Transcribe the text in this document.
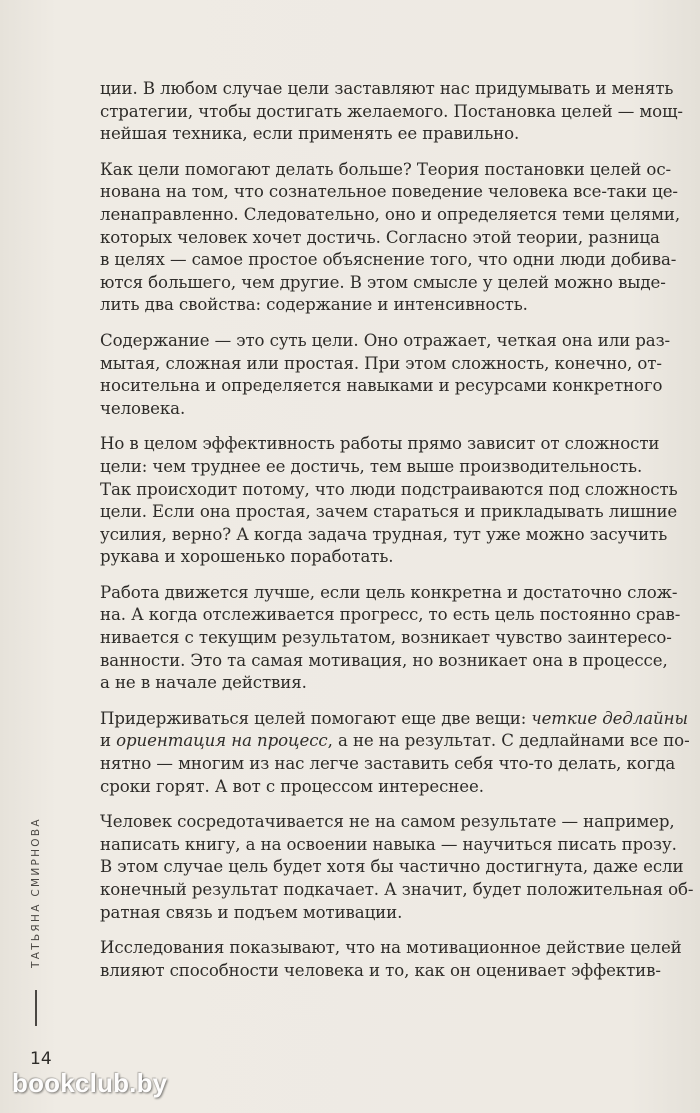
ции. В любом случае цели заставляют нас придумывать и менять
стратегии, чтобы достигать желаемого. Постановка целей — мощ-
нейшая техника, если применять ее правильно.
Как цели помогают делать больше? Теория постановки целей ос-
нована на том, что сознательное поведение человека все-таки це-
ленаправленно. Следовательно, оно и определяется теми целями,
которых человек хочет достичь. Согласно этой теории, разница
в целях — самое простое объяснение того, что одни люди добива-
ются большего, чем другие. В этом смысле у целей можно выде-
лить два свойства: содержание и интенсивность.
Содержание — это суть цели. Оно отражает, четкая она или раз-
мытая, сложная или простая. При этом сложность, конечно, от-
носительна и определяется навыками и ресурсами конкретного
человека.
Но в целом эффективность работы прямо зависит от сложности
цели: чем труднее ее достичь, тем выше производительность.
Так происходит потому, что люди подстраиваются под сложность
цели. Если она простая, зачем стараться и прикладывать лишние
усилия, верно? А когда задача трудная, тут уже можно засучить
рукава и хорошенько поработать.
Работа движется лучше, если цель конкретна и достаточно слож-
на. А когда отслеживается прогресс, то есть цель постоянно срав-
нивается с текущим результатом, возникает чувство заинтересо-
ванности. Это та самая мотивация, но возникает она в процессе,
а не в начале действия.
Придерживаться целей помогают еще две вещи: четкие дедлайны
и ориентация на процесс, а не на результат. С дедлайнами все по-
нятно — многим из нас легче заставить себя что-то делать, когда
сроки горят. А вот с процессом интереснее.
Человек сосредотачивается не на самом результате — например,
написать книгу, а на освоении навыка — научиться писать прозу.
В этом случае цель будет хотя бы частично достигнута, даже если
конечный результат подкачает. А значит, будет положительная об-
ратная связь и подъем мотивации.
Исследования показывают, что на мотивационное действие целей
влияют способности человека и то, как он оценивает эффектив-
ТАТЬЯНА СМИРНОВА
14
bookclub.by
